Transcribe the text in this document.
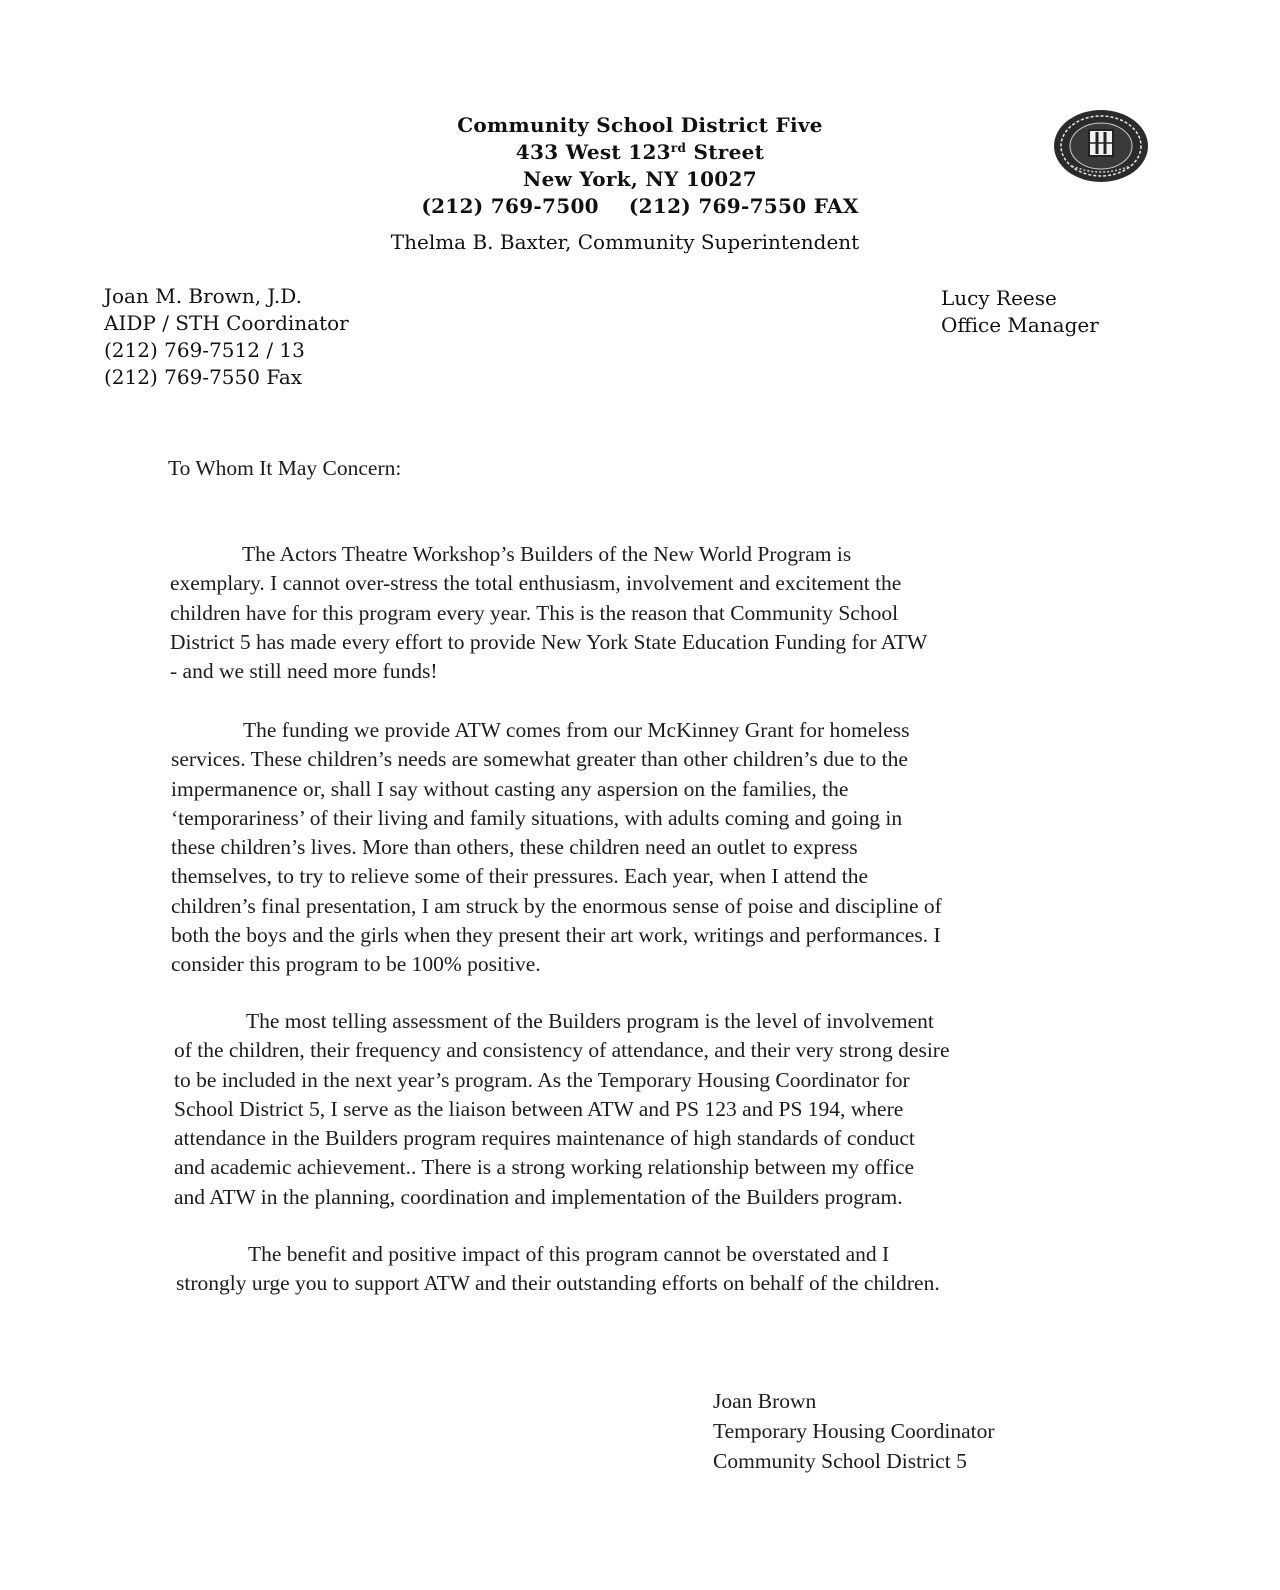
Community School District Five
433 West 123rd Street
New York, NY 10027
(212) 769-7500 (212) 769-7550 FAX
Thelma B. Baxter, Community Superintendent
Joan M. Brown, J.D.
AIDP / STH Coordinator
(212) 769-7512 / 13
(212) 769-7550 Fax
Lucy Reese
Office Manager
To Whom It May Concern:
The Actors Theatre Workshop’s Builders of the New World Program is
exemplary. I cannot over-stress the total enthusiasm, involvement and excitement the
children have for this program every year. This is the reason that Community School
District 5 has made every effort to provide New York State Education Funding for ATW
- and we still need more funds!
The funding we provide ATW comes from our McKinney Grant for homeless
services. These children’s needs are somewhat greater than other children’s due to the
impermanence or, shall I say without casting any aspersion on the families, the
‘temporariness’ of their living and family situations, with adults coming and going in
these children’s lives. More than others, these children need an outlet to express
themselves, to try to relieve some of their pressures. Each year, when I attend the
children’s final presentation, I am struck by the enormous sense of poise and discipline of
both the boys and the girls when they present their art work, writings and performances. I
consider this program to be 100% positive.
The most telling assessment of the Builders program is the level of involvement
of the children, their frequency and consistency of attendance, and their very strong desire
to be included in the next year’s program. As the Temporary Housing Coordinator for
School District 5, I serve as the liaison between ATW and PS 123 and PS 194, where
attendance in the Builders program requires maintenance of high standards of conduct
and academic achievement.. There is a strong working relationship between my office
and ATW in the planning, coordination and implementation of the Builders program.
The benefit and positive impact of this program cannot be overstated and I
strongly urge you to support ATW and their outstanding efforts on behalf of the children.
Joan Brown
Temporary Housing Coordinator
Community School District 5
